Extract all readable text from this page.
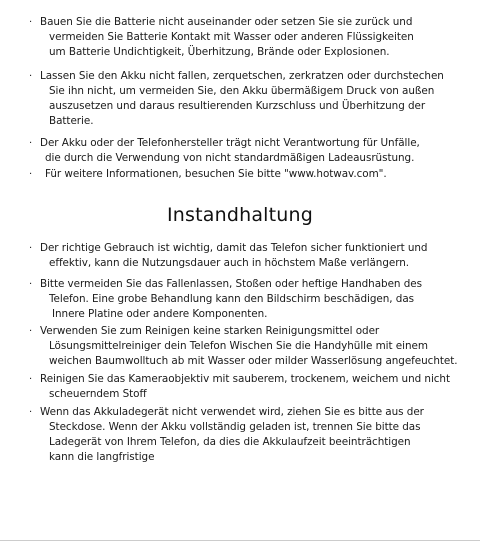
· Bauen Sie die Batterie nicht auseinander oder setzen Sie sie zurück und
vermeiden Sie Batterie Kontakt mit Wasser oder anderen Flüssigkeiten
um Batterie Undichtigkeit, Überhitzung, Brände oder Explosionen.
· Lassen Sie den Akku nicht fallen, zerquetschen, zerkratzen oder durchstechen
Sie ihn nicht, um vermeiden Sie, den Akku übermäßigem Druck von außen
auszusetzen und daraus resultierenden Kurzschluss und Überhitzung der
Batterie.
· Der Akku oder der Telefonhersteller trägt nicht Verantwortung für Unfälle,
die durch die Verwendung von nicht standardmäßigen Ladeausrüstung.
·	Für weitere Informationen, besuchen Sie bitte "www.hotwav.com".
Instandhaltung
· Der richtige Gebrauch ist wichtig, damit das Telefon sicher funktioniert und
effektiv, kann die Nutzungsdauer auch in höchstem Maße verlängern.
· Bitte vermeiden Sie das Fallenlassen, Stoßen oder heftige Handhaben des
Telefon. Eine grobe Behandlung kann den Bildschirm beschädigen, das
Innere Platine oder andere Komponenten.
· Verwenden Sie zum Reinigen keine starken Reinigungsmittel oder
Lösungsmittelreiniger dein Telefon Wischen Sie die Handyhülle mit einem
weichen Baumwolltuch ab mit Wasser oder milder Wasserlösung angefeuchtet.
· Reinigen Sie das Kameraobjektiv mit sauberem, trockenem, weichem und nicht
scheuerndem Stoff
· Wenn das Akkuladegerät nicht verwendet wird, ziehen Sie es bitte aus der
Steckdose. Wenn der Akku vollständig geladen ist, trennen Sie bitte das
Ladegerät von Ihrem Telefon, da dies die Akkulaufzeit beeinträchtigen
kann die langfristige
